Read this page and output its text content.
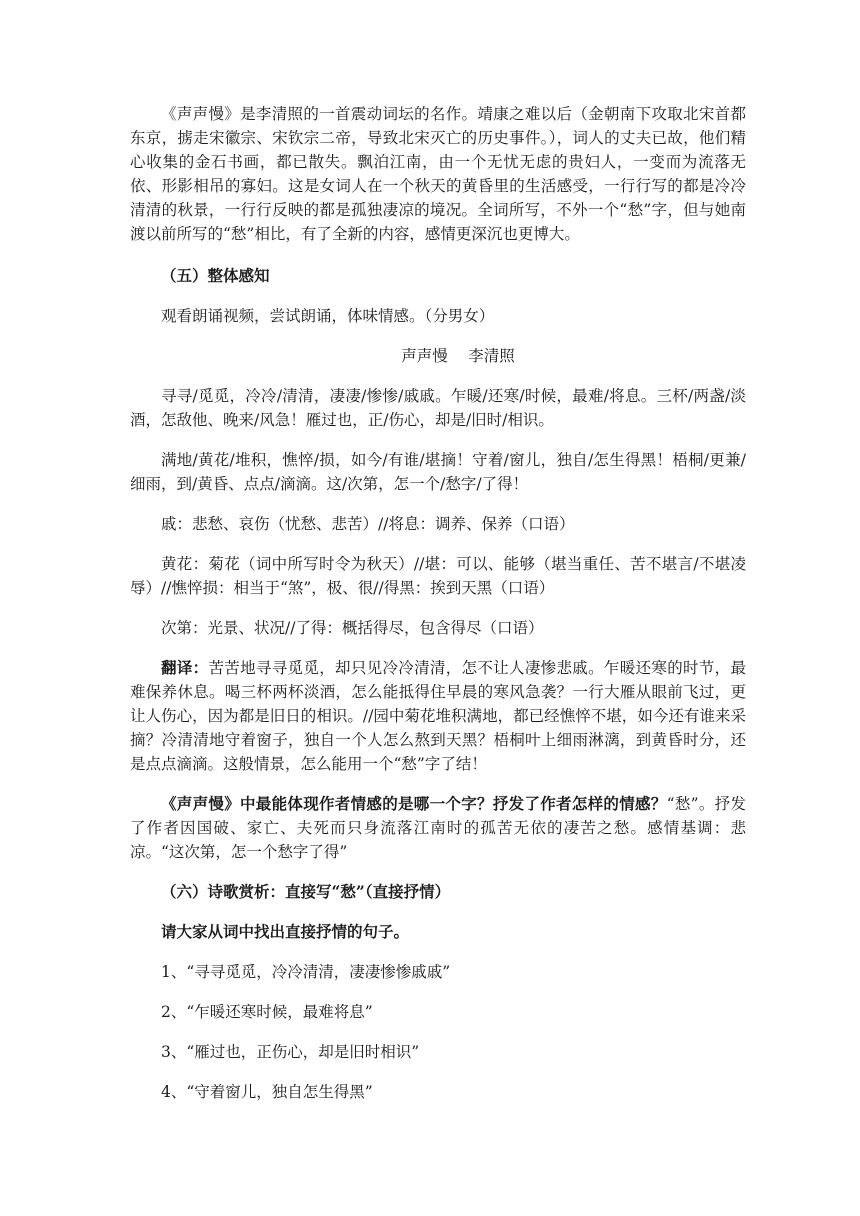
《声声慢》是李清照的一首震动词坛的名作。靖康之难以后（金朝南下攻取北宋首都东京，掳走宋徽宗、宋钦宗二帝，导致北宋灭亡的历史事件。），词人的丈夫已故，他们精心收集的金石书画，都已散失。飘泊江南，由一个无忧无虑的贵妇人，一变而为流落无依、形影相吊的寡妇。这是女词人在一个秋天的黄昏里的生活感受，一行行写的都是冷冷清清的秋景，一行行反映的都是孤独凄凉的境况。全词所写，不外一个“愁”字，但与她南渡以前所写的“愁”相比，有了全新的内容，感情更深沉也更博大。

（五）整体感知

观看朗诵视频，尝试朗诵，体味情感。（分男女）

声声慢　 李清照

寻寻/觅觅，冷冷/清清，凄凄/惨惨/戚戚。乍暖/还寒/时候，最难/将息。三杯/两盏/淡酒，怎敌他、晚来/风急！雁过也，正/伤心，却是/旧时/相识。

满地/黄花/堆积，憔悴/损，如今/有谁/堪摘！守着/窗儿，独自/怎生得黑！梧桐/更兼/细雨，到/黄昏、点点/滴滴。这/次第，怎一个/愁字/了得！

戚：悲愁、哀伤（忧愁、悲苦）//将息：调养、保养（口语）

黄花：菊花（词中所写时令为秋天）//堪：可以、能够（堪当重任、苦不堪言/不堪凌辱）//憔悴损：相当于“煞”，极、很//得黑：挨到天黑（口语）

次第：光景、状况//了得：概括得尽，包含得尽（口语）

翻译：苦苦地寻寻觅觅，却只见冷冷清清，怎不让人凄惨悲戚。乍暖还寒的时节，最难保养休息。喝三杯两杯淡酒，怎么能抵得住早晨的寒风急袭？一行大雁从眼前飞过，更让人伤心，因为都是旧日的相识。//园中菊花堆积满地，都已经憔悴不堪，如今还有谁来采摘？冷清清地守着窗子，独自一个人怎么熬到天黑？梧桐叶上细雨淋漓，到黄昏时分，还是点点滴滴。这般情景，怎么能用一个“愁”字了结！

《声声慢》中最能体现作者情感的是哪一个字？抒发了作者怎样的情感？“愁”。抒发了作者因国破、家亡、夫死而只身流落江南时的孤苦无依的凄苦之愁。感情基调：悲凉。“这次第，怎一个愁字了得”

（六）诗歌赏析：直接写“愁”（直接抒情）

请大家从词中找出直接抒情的句子。

1、“寻寻觅觅，冷冷清清，凄凄惨惨戚戚”

2、“乍暖还寒时候，最难将息”

3、“雁过也，正伤心，却是旧时相识”

4、“守着窗儿，独自怎生得黑”
